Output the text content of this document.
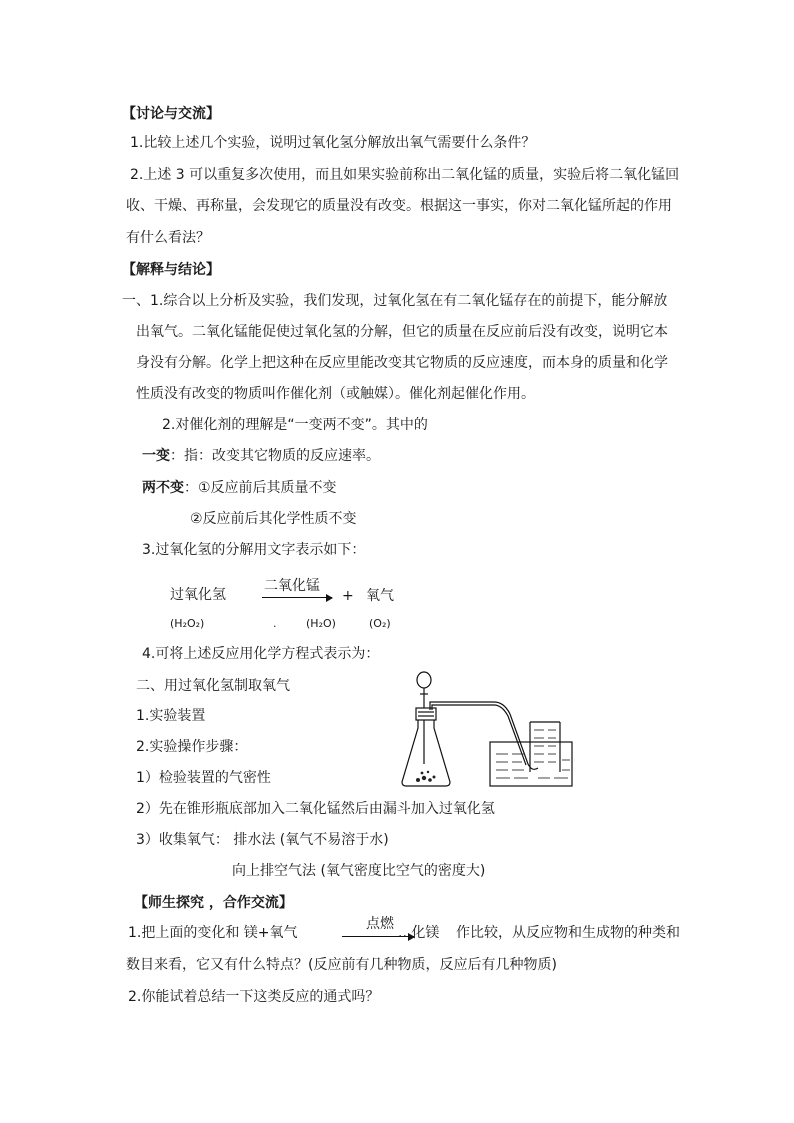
【讨论与交流】
1.比较上述几个实验，说明过氧化氢分解放出氧气需要什么条件？
2.上述 3 可以重复多次使用，而且如果实验前称出二氧化锰的质量，实验后将二氧化锰回
收、干燥、再称量，会发现它的质量没有改变。根据这一事实，你对二氧化锰所起的作用
有什么看法？
【解释与结论】
一、1.综合以上分析及实验，我们发现，过氧化氢在有二氧化锰存在的前提下，能分解放
出氧气。二氧化锰能促使过氧化氢的分解，但它的质量在反应前后没有改变，说明它本
身没有分解。化学上把这种在反应里能改变其它物质的反应速度，而本身的质量和化学
性质没有改变的物质叫作催化剂（或触媒）。催化剂起催化作用。
2.对催化剂的理解是“一变两不变”。其中的
一变：指：改变其它物质的反应速率。
两不变：①反应前后其质量不变
②反应前后其化学性质不变
3.过氧化氢的分解用文字表示如下：
过氧化氢
二氧化锰
+ 氧气
(H₂O₂)	.	(H₂O)	(O₂)
4.可将上述反应用化学方程式表示为：
二、用过氧化氢制取氧气
1.实验装置
2.实验操作步骤：
1）检验装置的气密性
2）先在锥形瓶底部加入二氧化锰然后由漏斗加入过氧化氢
3）收集氧气： 排水法 (氧气不易溶于水)
向上排空气法 (氧气密度比空气的密度大)
【师生探究 ，合作交流】
1.把上面的变化和 镁+氧气
点燃
...化镁 作比较，从反应物和生成物的种类和
数目来看，它又有什么特点？(反应前有几种物质，反应后有几种物质)
2.你能试着总结一下这类反应的通式吗？
